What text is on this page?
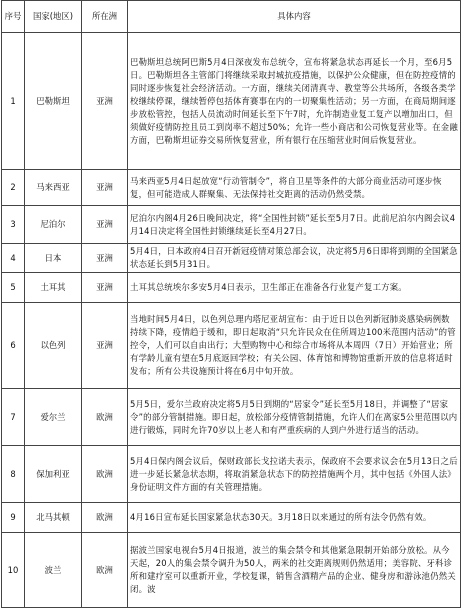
序号	国家(地区)	所在洲	具体内容
1	巴勒斯坦	亚洲	巴勒斯坦总统阿巴斯5月4日深夜发布总统令，宣布将紧急状态再延长一个月，至6月5日。巴勒斯坦各主管部门将继续采取封城抗疫措施，以保护公众健康，但在防控疫情的同时逐步恢复社会经济活动。一方面，继续关闭清真寺、教堂等公共场所，各级各类学校继续停课，继续暂停包括体育赛事在内的一切聚集性活动；另一方面，在商局期间逐步放松管控，包括人员流动时间延长至下午7时，允许制造业复工复产以增加出口，但须做好疫情防控且员工到岗率不超过50%；允许一些小商店和公司恢复营业等。在金融方面，巴勒斯坦证券交易所恢复营业，所有银行在压缩营业时间后恢复营业。
2	马来西亚	亚洲	马来西亚5月4日起放宽“行动管制令”，将自卫星等条件的大部分商业活动可逐步恢复，但可能造成人群聚集、无法保持社交距离的活动仍然受禁。
3	尼泊尔	亚洲	尼泊尔内阁4月26日晚间决定，将“全国性封锁”延长至5月7日。此前尼泊尔内阁会议4月14日决定将全国性封锁继续延长至4月27日。
4	日本	亚洲	5月4日，日本政府4日召开新冠疫情对策总部会议，决定将5月6日即将到期的全国紧急状态延长到5月31日。
5	土耳其	亚洲	土耳其总统埃尔多安5月4日表示，卫生部正在准备各行业复产复工方案。
6	以色列	亚洲	当地时间5月4日，以色列总理内塔尼亚胡宣布：由于近日以色列新冠肺炎感染病例数持续下降，疫情趋于缓和，即日起取消“只允许民众在住所周边100米范围内活动”的管控令，人们可以自由出行；大型购物中心和综合市场将从本周四（7日）开始营业；所有学龄儿童有望在5月底返回学校；有关公园、体育馆和博物馆重新开放的信息将适时发布；所有公共设施预计将在6月中旬开放。
7	爱尔兰	欧洲	5月5日，爱尔兰政府决定将5月5日到期的“居家令”延长至5月18日，并调整了“居家令”的部分管制措施。即日起，放松部分疫情管制措施，允许人们在离家5公里范围以内进行锻炼，同时允许70岁以上老人和有严重疾病的人到户外进行适当的活动。
8	保加利亚	欧洲	5月4日保内阁会议后，保财政部长戈拉诺夫表示，保政府不会要求议会在5月13日之后进一步延长紧急状态期，将取消紧急状态下的防控措施两个月，其中包括《外国人法》身份证明文件方面的有关管理措施。
9	北马其顿	欧洲	4月16日宣布延长国家紧急状态30天。3月18日以来通过的所有法令仍然有效。
10	波兰	欧洲	据波兰国家电视台5月4日报道，波兰的集会禁令和其他紧急限制开始部分放松。从今天起，20人的集会禁令调升为50人，两米的社交距离规则仍然适用；美容院、牙科诊所和建疗室可以重新开业，学校复课，销售含酒精产品的企业、健身房和游泳池仍然关闭。波
